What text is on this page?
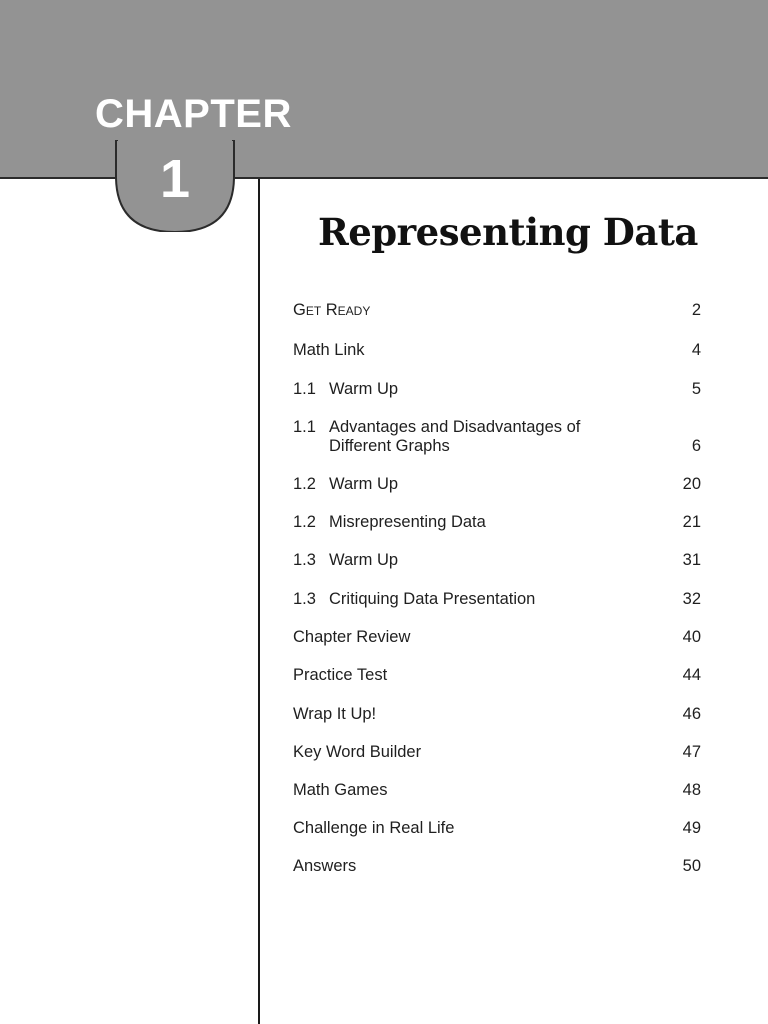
CHAPTER
1
Representing Data
Get Ready	2
Math Link	4
1.1 Warm Up	5
1.1 Advantages and Disadvantages of
Different Graphs	6
1.2 Warm Up	20
1.2 Misrepresenting Data	21
1.3 Warm Up	31
1.3 Critiquing Data Presentation	32
Chapter Review	40
Practice Test	44
Wrap It Up!	46
Key Word Builder	47
Math Games	48
Challenge in Real Life	49
Answers	50
